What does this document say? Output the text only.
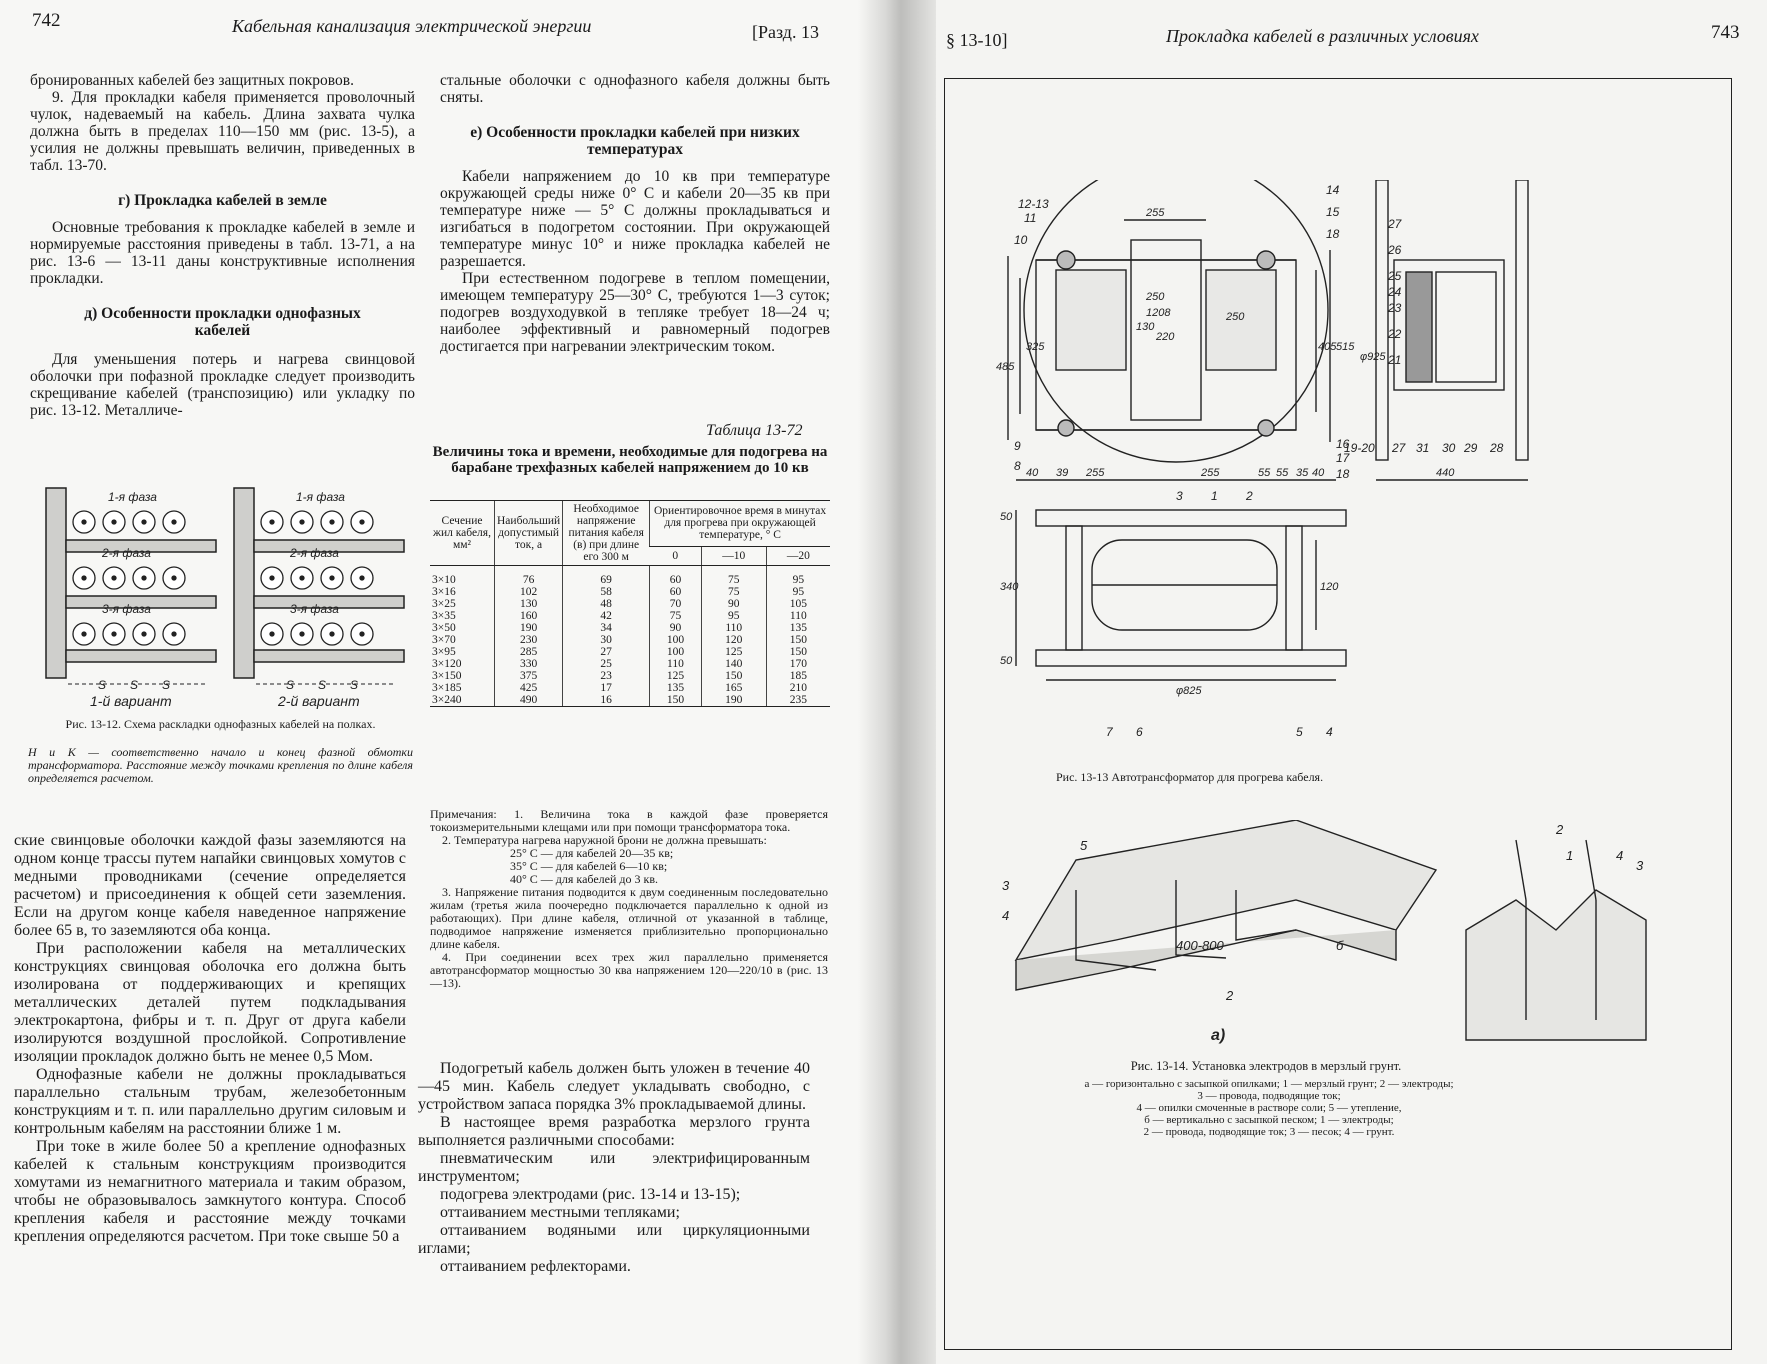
742	Кабельная канализация электрической энергии	[Разд. 13

бронированных кабелей без защитных покровов.

9. Для прокладки кабеля применяется проволочный чулок, надеваемый на кабель. Длина захвата чулка должна быть в пределах 110—150 мм (рис. 13-5), а усилия не должны превышать величин, приведенных в табл. 13-70.

г) Прокладка кабелей в земле

Основные требования к прокладке кабелей в земле и нормируемые расстояния приведены в табл. 13-71, а на рис. 13-6 — 13-11 даны конструктивные исполнения прокладки.

д) Особенности прокладки однофазных кабелей

Для уменьшения потерь и нагрева свинцовой оболочки при пофазной прокладке следует производить скрещивание кабелей (транспозицию) или укладку по рис. 13-12. Металличе-

1-я фаза
2-я фаза
3-я фаза
1-я фаза
2-я фаза
3-я фаза
S S S	S S S
1-й вариант	2-й вариант
Рис. 13-12. Схема раскладки однофазных кабелей на полках.
Н и К — соответственно начало и конец фазной обмотки трансформатора. Расстояние между точками крепления по длине кабеля определяется расчетом.

ские свинцовые оболочки каждой фазы заземляются на одном конце трассы путем напайки свинцовых хомутов с медными проводниками (сечение определяется расчетом) и присоединения к общей сети заземления. Если на другом конце кабеля наведенное напряжение более 65 в, то заземляются оба конца.

При расположении кабеля на металлических конструкциях свинцовая оболочка его должна быть изолирована от поддерживающих и крепящих металлических деталей путем подкладывания электрокартона, фибры и т. п. Друг от друга кабели изолируются воздушной прослойкой. Сопротивление изоляции прокладок должно быть не менее 0,5 Мом.

Однофазные кабели не должны прокладываться параллельно стальным трубам, железобетонным конструкциям и т. п. или параллельно другим силовым и контрольным кабелям на расстоянии ближе 1 м.

При токе в жиле более 50 а крепление однофазных кабелей к стальным конструкциям производится хомутами из немагнитного материала и таким образом, чтобы не образовывалось замкнутого контура. Способ крепления кабеля и расстояние между точками крепления определяются расчетом. При токе свыше 50 а

стальные оболочки с однофазного кабеля должны быть сняты.

е) Особенности прокладки кабелей при низких температурах

Кабели напряжением до 10 кв при температуре окружающей среды ниже 0° С и кабели 20—35 кв при температуре ниже — 5° С должны прокладываться и изгибаться в подогретом состоянии. При окружающей температуре минус 10° и ниже прокладка кабелей не разрешается.

При естественном подогреве в теплом помещении, имеющем температуру 25—30° С, требуются 1—3 суток; подогрев воздуходувкой в тепляке требует 18—24 ч; наиболее эффективный и равномерный подогрев достигается при нагревании электрическим током.

Таблица 13-72
Величины тока и времени, необходимые для подогрева на барабане трехфазных кабелей напряжением до 10 кв
Сечение жил кабеля, мм²	Наибольший допустимый ток, а	Необходимое напряжение питания кабеля (в) при длине его 300 м	Ориентировочное время в минутах для прогрева при окружающей температуре, ° С		
			0	—10	—20
3×10	76	69	60	75	95
3×16	102	58	60	75	95
3×25	130	48	70	90	105
3×35	160	42	75	95	110
3×50	190	34	90	110	135
3×70	230	30	100	120	150
3×95	285	27	100	125	150
3×120	330	25	110	140	170
3×150	375	23	125	150	185
3×185	425	17	135	165	210
3×240	490	16	150	190	235
Примечания: 1. Величина тока в каждой фазе проверяется токоизмерительными клещами или при помощи трансформатора тока.
2. Температура нагрева наружной брони не должна превышать:
25° С — для кабелей 20—35 кв;
35° С — для кабелей 6—10 кв;
40° С — для кабелей до 3 кв.
3. Напряжение питания подводится к двум соединенным последовательно жилам (третья жила поочередно подключается параллельно к одной из работающих). При длине кабеля, отличной от указанной в таблице, подводимое напряжение изменяется приблизительно пропорционально длине кабеля.
4. При соединении всех трех жил параллельно применяется автотрансформатор мощностью 30 ква напряжением 120—220/10 в (рис. 13—13).

Подогретый кабель должен быть уложен в течение 40—45 мин. Кабель следует укладывать свободно, с устройством запаса порядка 3% прокладываемой длины.

В настоящее время разработка мерзлого грунта выполняется различными способами:

пневматическим или электрифицированным инструментом;

подогрева электродами (рис. 13-14 и 13-15);

оттаиванием местными тепляками;

оттаиванием водяными или циркуляционными иглами;

оттаиванием рефлекторами.

§ 13-10]	Прокладка кабелей в различных условиях	743
12-13
11
10
9
8
14
15
18
16
17
18
27
26
25
24
23
22
21
19-20 27 31 30 29 28
3 1 2
7 6	5 4
255
250
1208	250
485
325	405 515
40 39	55
255	255	55 35 40
φ925
440
340	120
φ825
50
50
130
220
Рис. 13-13 Автотрансформатор для прогрева кабеля.
5
3
4
2
б
400-800
2
1	4
3
а)
Рис. 13-14. Установка электродов в мерзлый грунт.
а — горизонтально с засыпкой опилками; 1 — мерзлый грунт; 2 — электроды; 3 — провода, подводящие ток;
4 — опилки смоченные в растворе соли; 5 — утепление,
б — вертикально с засыпкой песком; 1 — электроды;
2 — провода, подводящие ток; 3 — песок; 4 — грунт.
